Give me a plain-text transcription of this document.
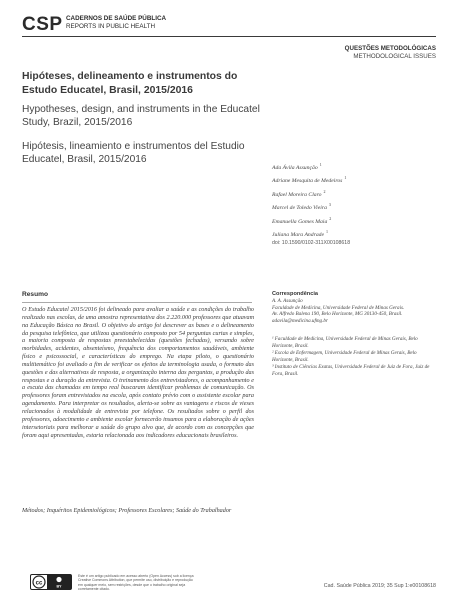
CSP CADERNOS DE SAÚDE PÚBLICA
REPORTS IN PUBLIC HEALTH
QUESTÕES METODOLÓGICAS
METHODOLOGICAL ISSUES
Hipóteses, delineamento e instrumentos do Estudo Educatel, Brasil, 2015/2016
Hypotheses, design, and instruments in the Educatel Study, Brazil, 2015/2016
Hipótesis, lineamiento e instrumentos del Estudio Educatel, Brasil, 2015/2016
Ada Ávila Assunção$^1$
Adriane Mesquita de Medeiros$^1$
Rafael Moreira Claro$^2$
Marcel de Toledo Vieira$^3$
Emanuella Gomes Maia$^2$
Juliana Mara Andrade$^1$
doi: 10.1590/0102-311X00108618
Resumo
O Estudo Educatel 2015/2016 foi delineado para avaliar a saúde e as condições do trabalho realizado nas escolas, de uma amostra representativa dos 2.220.000 professores que atuavam na Educação Básica no Brasil. O objetivo do artigo foi descrever as bases e o delineamento da pesquisa telefônica, que utilizou questionário composto por 54 perguntas curtas e simples, a maioria composta de respostas preestabelecidas (questões fechadas), versando sobre morbidades, acidentes, absenteísmo, frequência dos comportamentos saudáveis, ambiente físico e psicossocial, e características do emprego. Na etapa piloto, o questionário multitemático foi avaliado a fim de verificar os efeitos da terminologia usada, o formato das questões e das alternativas de resposta, a organização interna das perguntas, a produção das respostas e a duração da entrevista. O treinamento dos entrevistadores, o acompanhamento e a escuta das chamadas em tempo real buscaram identificar problemas de comunicação. Os professores foram entrevistados na escola, após contato prévio com o assistente escolar para agendamento. Para interpretar os resultados, alerta-se sobre as vantagens e riscos de vieses relacionados à modalidade de entrevista por telefone. Os resultados sobre o perfil dos professores, adoecimento e ambiente escolar fornecerão insumos para a elaboração de ações intersetoriais para melhorar a saúde do grupo alvo que, de acordo com as concepções que foram aqui apresentadas, estaria relacionada aos indicadores educacionais brasileiros.
Métodos; Inquéritos Epidemiológicos; Professores Escolares; Saúde do Trabalhador
Correspondência
A. A. Assunção
Faculdade de Medicina, Universidade Federal de Minas Gerais.
Av. Alfredo Balena 190, Belo Horizonte, MG 30130-450, Brasil.
adavila@medicina.ufmg.br
¹ Faculdade de Medicina, Universidade Federal de Minas Gerais, Belo Horizonte, Brasil.
² Escola de Enfermagem, Universidade Federal de Minas Gerais, Belo Horizonte, Brasil.
³ Instituto de Ciências Exatas, Universidade Federal de Juiz de Fora, Juiz de Fora, Brasil.
cc
BY
Este é um artigo publicado em acesso aberto (Open Access) sob a licença Creative Commons Attribution, que permite uso, distribuição e reprodução em qualquer meio, sem restrições, desde que o trabalho original seja corretamente citado.	Cad. Saúde Pública 2019; 35 Sup 1:e00108618
